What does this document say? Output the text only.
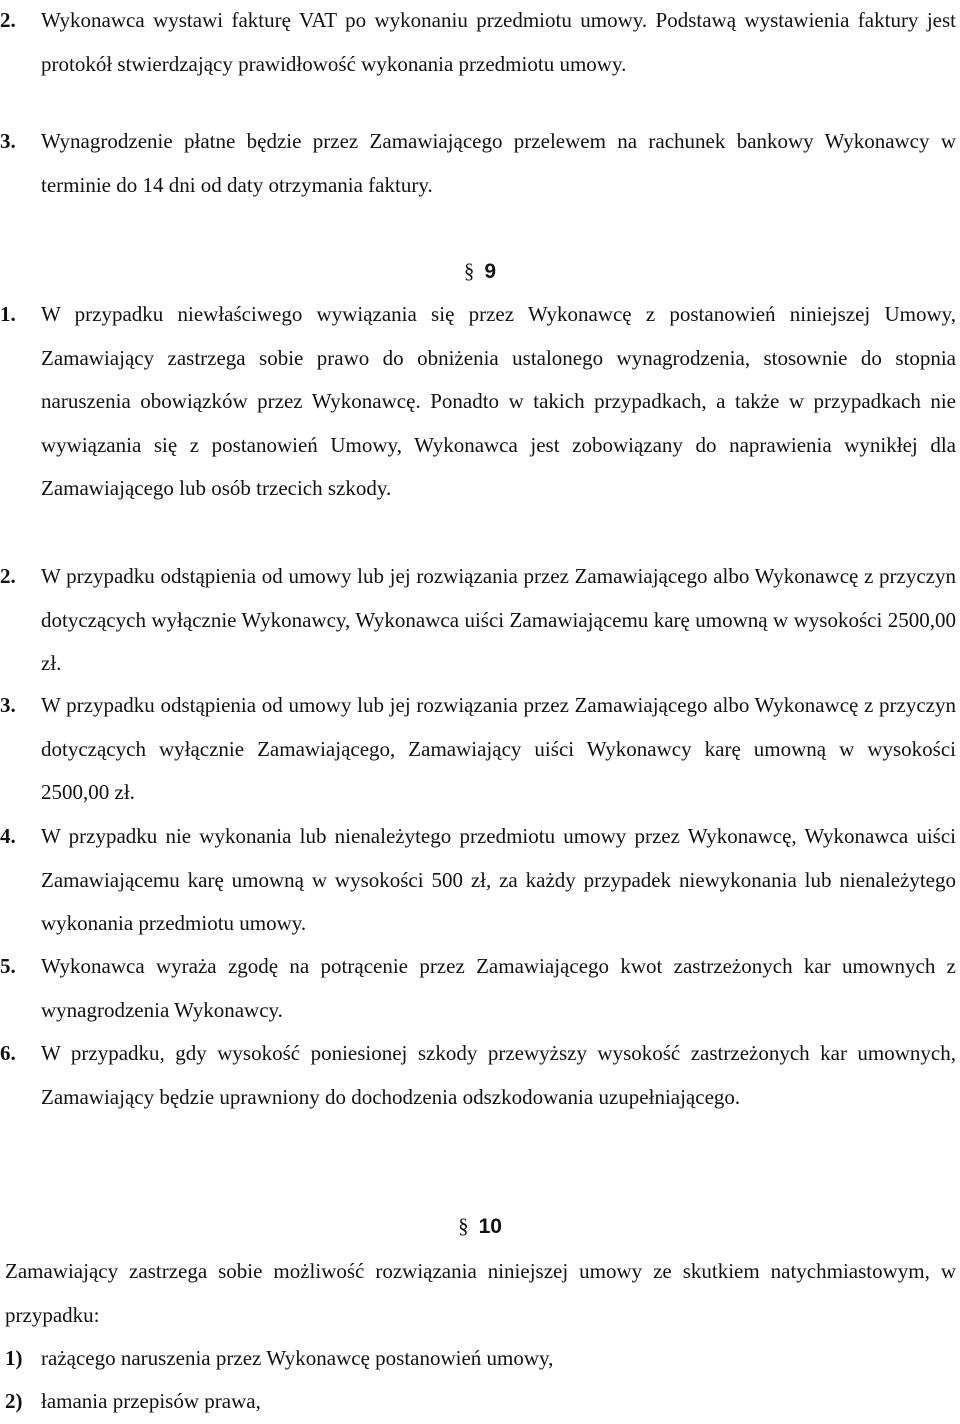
2. Wykonawca wystawi fakturę VAT po wykonaniu przedmiotu umowy. Podstawą wystawienia faktury jest protokół stwierdzający prawidłowość wykonania przedmiotu umowy.
3. Wynagrodzenie płatne będzie przez Zamawiającego przelewem na rachunek bankowy Wykonawcy w terminie do 14 dni od daty otrzymania faktury.
§ 9
1. W przypadku niewłaściwego wywiązania się przez Wykonawcę z postanowień niniejszej Umowy, Zamawiający zastrzega sobie prawo do obniżenia ustalonego wynagrodzenia, stosownie do stopnia naruszenia obowiązków przez Wykonawcę. Ponadto w takich przypadkach, a także w przypadkach nie wywiązania się z postanowień Umowy, Wykonawca jest zobowiązany do naprawienia wynikłej dla Zamawiającego lub osób trzecich szkody.
2. W przypadku odstąpienia od umowy lub jej rozwiązania przez Zamawiającego albo Wykonawcę z przyczyn dotyczących wyłącznie Wykonawcy, Wykonawca uiści Zamawiającemu karę umowną w wysokości 2500,00 zł.
3. W przypadku odstąpienia od umowy lub jej rozwiązania przez Zamawiającego albo Wykonawcę z przyczyn dotyczących wyłącznie Zamawiającego, Zamawiający uiści Wykonawcy karę umowną w wysokości 2500,00 zł.
4. W przypadku nie wykonania lub nienależytego przedmiotu umowy przez Wykonawcę, Wykonawca uiści Zamawiającemu karę umowną w wysokości 500 zł, za każdy przypadek niewykonania lub nienależytego wykonania przedmiotu umowy.
5. Wykonawca wyraża zgodę na potrącenie przez Zamawiającego kwot zastrzeżonych kar umownych z wynagrodzenia Wykonawcy.
6. W przypadku, gdy wysokość poniesionej szkody przewyższy wysokość zastrzeżonych kar umownych, Zamawiający będzie uprawniony do dochodzenia odszkodowania uzupełniającego.
§ 10
Zamawiający zastrzega sobie możliwość rozwiązania niniejszej umowy ze skutkiem natychmiastowym, w przypadku:
1) rażącego naruszenia przez Wykonawcę postanowień umowy,
2) łamania przepisów prawa,
